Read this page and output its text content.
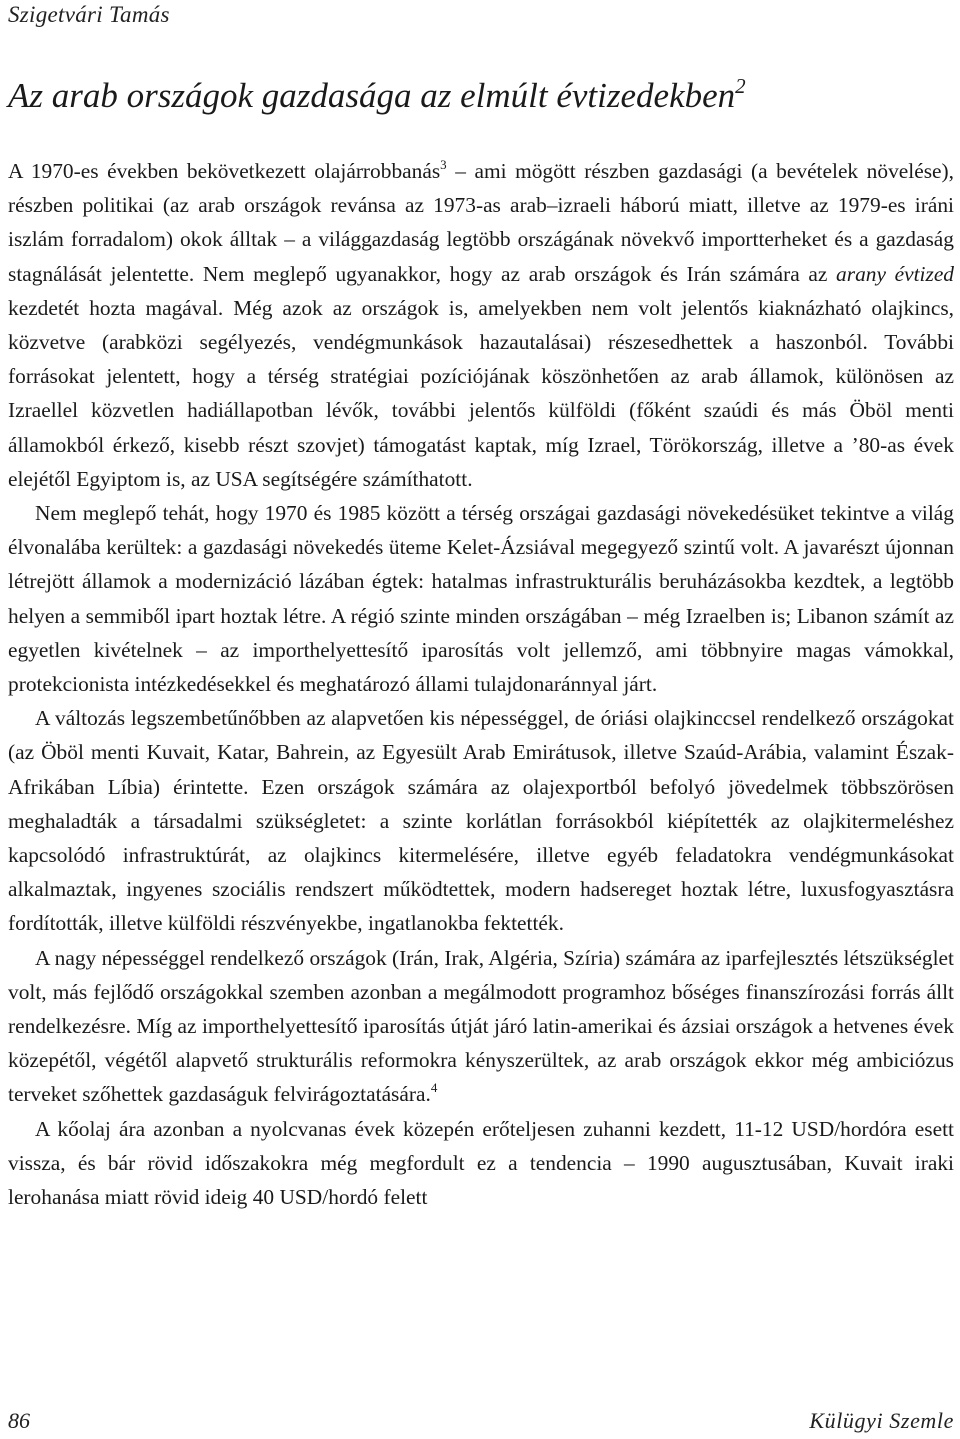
Szigetvári Tamás
Az arab országok gazdasága az elmúlt évtizedekben$^2$

A 1970-es években bekövetkezett olajárrobbanás$^3$ – ami mögött részben gazdasági (a bevételek növelése), részben politikai (az arab országok revánsa az 1973-as arab–izraeli háború miatt, illetve az 1979-es iráni iszlám forradalom) okok álltak – a világgazdaság legtöbb országának növekvő importterheket és a gazdaság stagnálását jelentette. Nem meglepő ugyanakkor, hogy az arab országok és Irán számára az arany évtized kezdetét hozta magával. Még azok az országok is, amelyekben nem volt jelentős kiaknázható olajkincs, közvetve (arabközi segélyezés, vendégmunkások hazautalásai) részesedhettek a haszonból. További forrásokat jelentett, hogy a térség stratégiai pozíciójának köszönhetően az arab államok, különösen az Izraellel közvetlen hadiállapotban lévők, további jelentős külföldi (főként szaúdi és más Öböl menti államokból érkező, kisebb részt szovjet) támogatást kaptak, míg Izrael, Törökország, illetve a ’80-as évek elejétől Egyiptom is, az USA segítségére számíthatott.

Nem meglepő tehát, hogy 1970 és 1985 között a térség országai gazdasági növekedésüket tekintve a világ élvonalába kerültek: a gazdasági növekedés üteme Kelet-Ázsiával megegyező szintű volt. A javarészt újonnan létrejött államok a modernizáció lázában égtek: hatalmas infrastrukturális beruházásokba kezdtek, a legtöbb helyen a semmiből ipart hoztak létre. A régió szinte minden országában – még Izraelben is; Libanon számít az egyetlen kivételnek – az importhelyettesítő iparosítás volt jellemző, ami többnyire magas vámokkal, protekcionista intézkedésekkel és meghatározó állami tulajdonaránnyal járt.

A változás legszembetűnőbben az alapvetően kis népességgel, de óriási olajkinccsel rendelkező országokat (az Öböl menti Kuvait, Katar, Bahrein, az Egyesült Arab Emirátusok, illetve Szaúd-Arábia, valamint Észak-Afrikában Líbia) érintette. Ezen országok számára az olajexportból befolyó jövedelmek többszörösen meghaladták a társadalmi szükségletet: a szinte korlátlan forrásokból kiépítették az olajkitermeléshez kapcsolódó infrastruktúrát, az olajkincs kitermelésére, illetve egyéb feladatokra vendégmunkásokat alkalmaztak, ingyenes szociális rendszert működtettek, modern hadsereget hoztak létre, luxusfogyasztásra fordították, illetve külföldi részvényekbe, ingatlanokba fektették.

A nagy népességgel rendelkező országok (Irán, Irak, Algéria, Szíria) számára az iparfejlesztés létszükséglet volt, más fejlődő országokkal szemben azonban a megálmodott programhoz bőséges finanszírozási forrás állt rendelkezésre. Míg az importhelyettesítő iparosítás útját járó latin-amerikai és ázsiai országok a hetvenes évek közepétől, végétől alapvető strukturális reformokra kényszerültek, az arab országok ekkor még ambiciózus terveket szőhettek gazdaságuk felvirágoztatására.$^4$

A kőolaj ára azonban a nyolcvanas évek közepén erőteljesen zuhanni kezdett, 11-12 USD/hordóra esett vissza, és bár rövid időszakokra még megfordult ez a tendencia – 1990 augusztusában, Kuvait iraki lerohanása miatt rövid ideig 40 USD/hordó felett

86	Külügyi Szemle
